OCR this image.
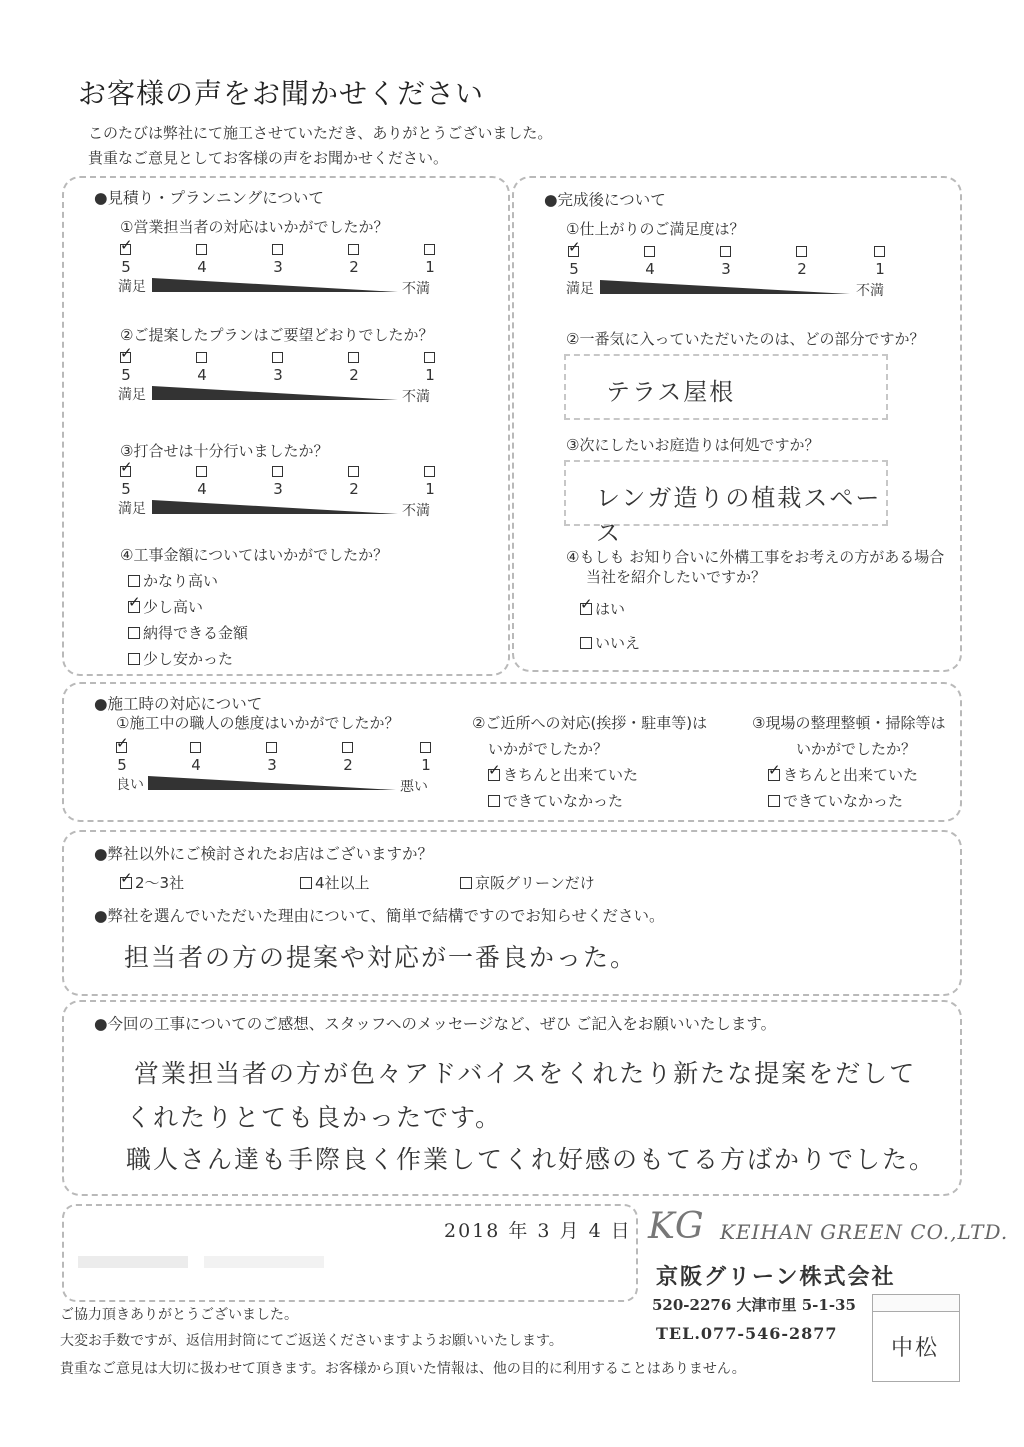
お客様の声をお聞かせください
このたびは弊社にて施工させていただき、ありがとうございました。
貴重なご意見としてお客様の声をお聞かせください。
●見積り・プランニングについて
①営業担当者の対応はいかがでしたか？
✓
5	4	3	2	1
満足	不満
②ご提案したプランはご要望どおりでしたか？
✓
5	4	3	2	1
満足	不満
③打合せは十分行いましたか？
✓
5	4	3	2	1
満足	不満
④工事金額についてはいかがでしたか？
かなり高い
✓少し高い
納得できる金額
少し安かった
●完成後について
①仕上がりのご満足度は？
✓
5	4	3	2	1
満足	不満
②一番気に入っていただいたのは、どの部分ですか？
テラス屋根
③次にしたいお庭造りは何処ですか？
レンガ造りの植栽スペース
④もしも お知り合いに外構工事をお考えの方がある場合
当社を紹介したいですか？
✓はい
いいえ
●施工時の対応について
①施工中の職人の態度はいかがでしたか？
✓
5	4	3	2	1
良い	悪い
②ご近所への対応(挨拶・駐車等)は
いかがでしたか？
✓きちんと出来ていた
できていなかった
③現場の整理整頓・掃除等は
いかがでしたか？
✓きちんと出来ていた
できていなかった
●弊社以外にご検討されたお店はございますか？
✓2～3社	4社以上	京阪グリーンだけ
●弊社を選んでいただいた理由について、簡単で結構ですのでお知らせください。
担当者の方の提案や対応が一番良かった。
●今回の工事についてのご感想、スタッフへのメッセージなど、ぜひ ご記入をお願いいたします。
営業担当者の方が色々アドバイスをくれたり新たな提案をだして
くれたりとても良かったです。
職人さん達も手際良く作業してくれ好感のもてる方ばかりでした。
2018 年 3 月 4 日 KG KEIHAN GREEN CO.,LTD.
京阪グリーン株式会社
520-2276 大津市里 5-1-35
TEL.077-546-2877
中松
ご協力頂きありがとうございました。
大変お手数ですが、返信用封筒にてご返送くださいますようお願いいたします。
貴重なご意見は大切に扱わせて頂きます。お客様から頂いた情報は、他の目的に利用することはありません。
